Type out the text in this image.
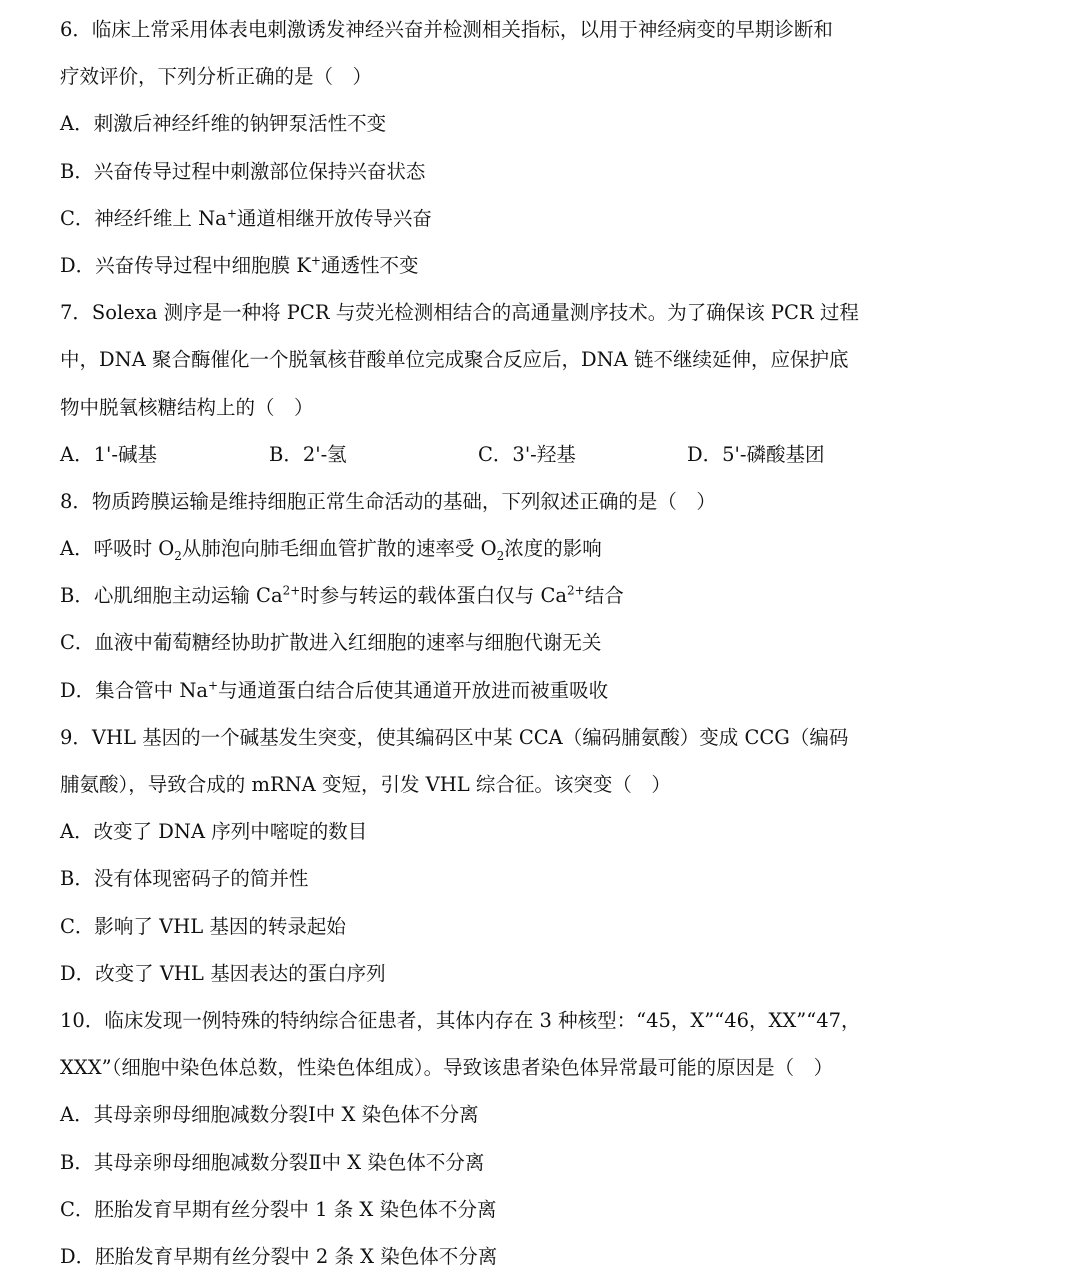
6．临床上常采用体表电刺激诱发神经兴奋并检测相关指标，以用于神经病变的早期诊断和
疗效评价，下列分析正确的是（　）
A．刺激后神经纤维的钠钾泵活性不变
B．兴奋传导过程中刺激部位保持兴奋状态
C．神经纤维上 Na+通道相继开放传导兴奋
D．兴奋传导过程中细胞膜 K+通透性不变
7．Solexa 测序是一种将 PCR 与荧光检测相结合的高通量测序技术。为了确保该 PCR 过程
中，DNA 聚合酶催化一个脱氧核苷酸单位完成聚合反应后，DNA 链不继续延伸，应保护底
物中脱氧核糖结构上的（　）
A．1'-碱基	B．2'-氢	C．3'-羟基	D．5'-磷酸基团
8．物质跨膜运输是维持细胞正常生命活动的基础，下列叙述正确的是（　）
A．呼吸时 $O_2$从肺泡向肺毛细血管扩散的速率受 $O_2$浓度的影响
B．心肌细胞主动运输 $Ca^{2+}$时参与转运的载体蛋白仅与 $Ca^{2+}$结合
C．血液中葡萄糖经协助扩散进入红细胞的速率与细胞代谢无关
D．集合管中 Na+与通道蛋白结合后使其通道开放进而被重吸收
9．VHL 基因的一个碱基发生突变，使其编码区中某 CCA（编码脯氨酸）变成 CCG（编码
脯氨酸），导致合成的 mRNA 变短，引发 VHL 综合征。该突变（　）
A．改变了 DNA 序列中嘧啶的数目
B．没有体现密码子的简并性
C．影响了 VHL 基因的转录起始
D．改变了 VHL 基因表达的蛋白序列
10．临床发现一例特殊的特纳综合征患者，其体内存在 3 种核型：“45，X”“46，XX”“47，
XXX”（细胞中染色体总数，性染色体组成）。导致该患者染色体异常最可能的原因是（　）
A．其母亲卵母细胞减数分裂Ⅰ中 X 染色体不分离
B．其母亲卵母细胞减数分裂Ⅱ中 X 染色体不分离
C．胚胎发育早期有丝分裂中 1 条 X 染色体不分离
D．胚胎发育早期有丝分裂中 2 条 X 染色体不分离
